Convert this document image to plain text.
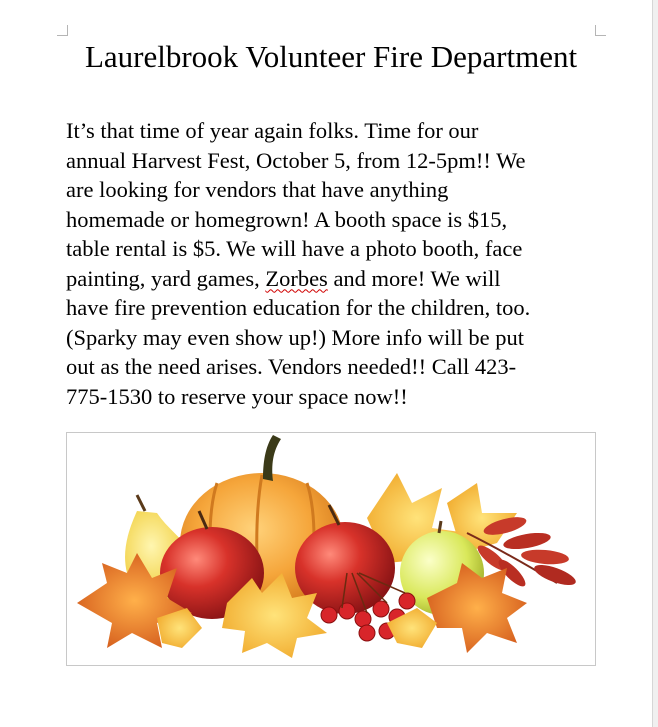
Laurelbrook Volunteer Fire Department
It’s that time of year again folks. Time for our
annual Harvest Fest, October 5, from 12-5pm!! We
are looking for vendors that have anything
homemade or homegrown! A booth space is $15,
table rental is $5. We will have a photo booth, face
painting, yard games, Zorbes and more! We will
have fire prevention education for the children, too.
(Sparky may even show up!) More info will be put
out as the need arises. Vendors needed!! Call 423-
775-1530 to reserve your space now!!
